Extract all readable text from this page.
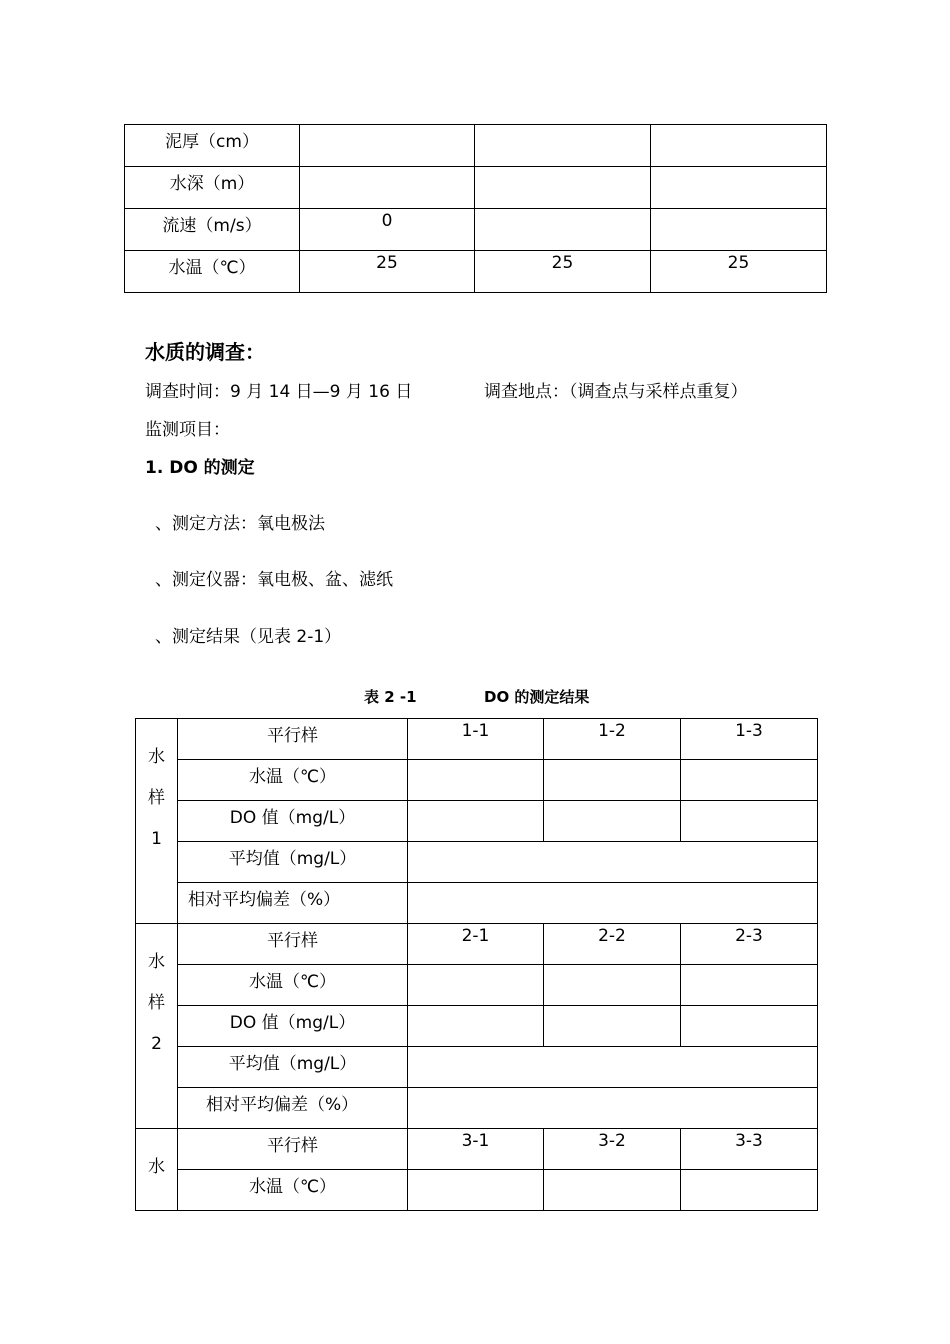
泥厚（cm）			
水深（m）			
流速（m/s）	0		
水温（℃）	25	25	25
水质的调查：
调查时间：9 月 14 日—9 月 16 日	调查地点：（调查点与采样点重复）
监测项目：
1. DO 的测定
、测定方法：氧电极法
、测定仪器：氧电极、盆、滤纸
、测定结果（见表 2-1）
表 2 -1	DO 的测定结果
水
样
1	平行样	1-1	1-2	1-3
	水温（℃）			
	DO 值（mg/L）			
	平均值（mg/L）			
	相对平均偏差（%）			

水
样
2	平行样	2-1	2-2	2-3
	水温（℃）			
	DO 值（mg/L）			
	平均值（mg/L）			
	相对平均偏差（%）			

水	平行样	3-1	3-2	3-3
	水温（℃）			
